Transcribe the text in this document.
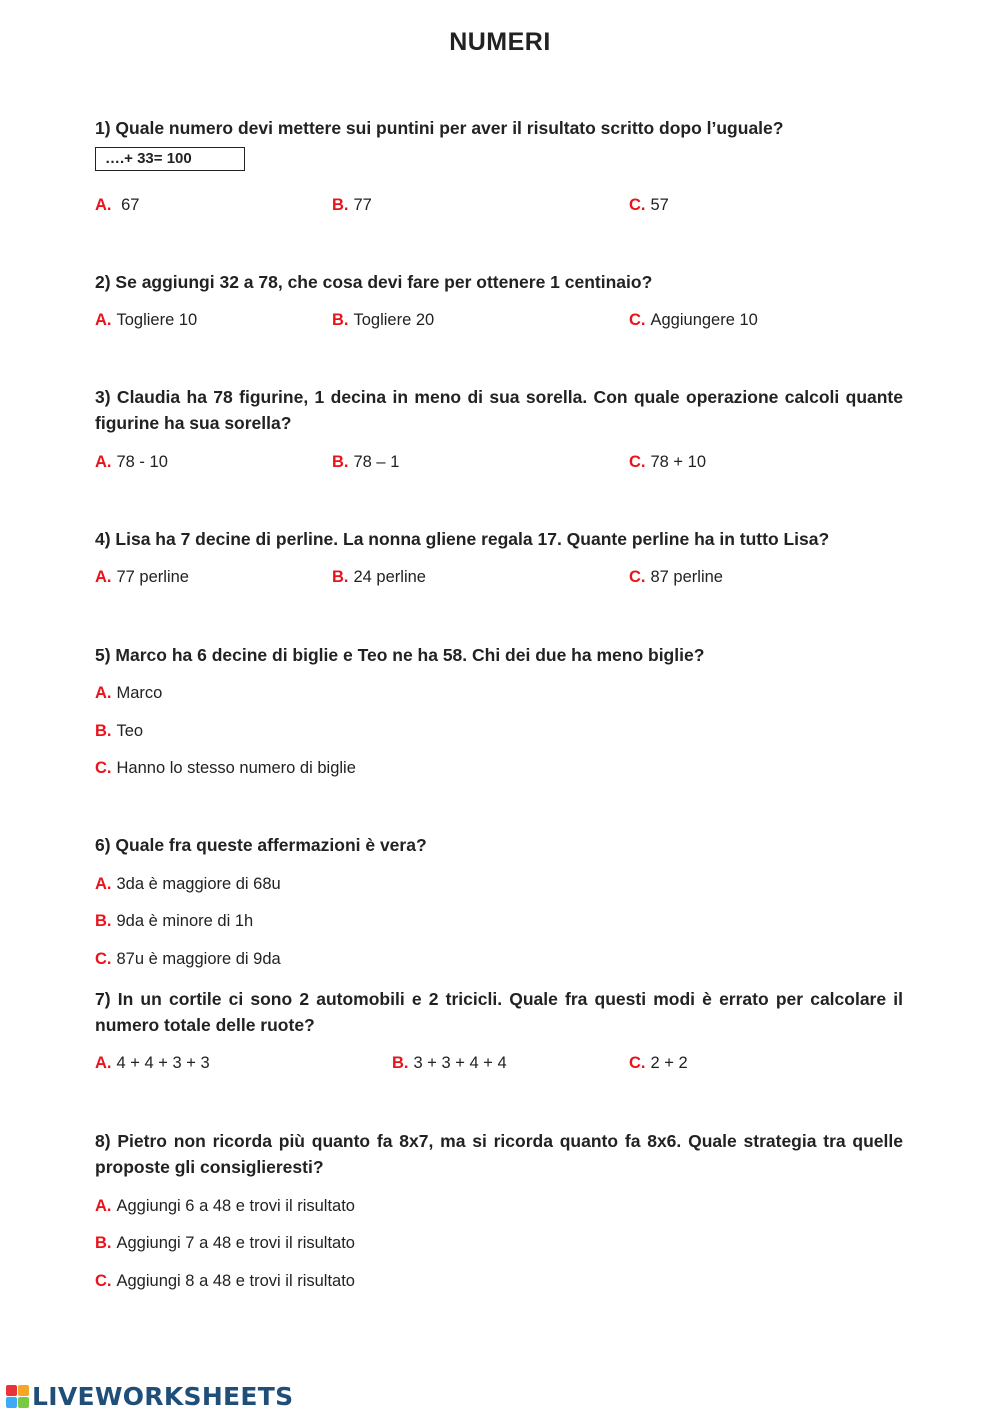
NUMERI
1) Quale numero devi mettere sui puntini per aver il risultato scritto dopo l’uguale?
….+ 33= 100
A. 67	B. 77	C. 57
2) Se aggiungi 32 a 78, che cosa devi fare per ottenere 1 centinaio?
A. Togliere 10	B. Togliere 20	C. Aggiungere 10
3) Claudia ha 78 figurine, 1 decina in meno di sua sorella. Con quale operazione calcoli quante figurine ha sua sorella?
A. 78 - 10	B. 78 – 1	C. 78 + 10
4) Lisa ha 7 decine di perline. La nonna gliene regala 17. Quante perline ha in tutto Lisa?
A. 77 perline	B. 24 perline	C. 87 perline
5) Marco ha 6 decine di biglie e Teo ne ha 58. Chi dei due ha meno biglie?
A. Marco
B. Teo
C. Hanno lo stesso numero di biglie
6) Quale fra queste affermazioni è vera?
A. 3da è maggiore di 68u
B. 9da è minore di 1h
C. 87u è maggiore di 9da
7) In un cortile ci sono 2 automobili e 2 tricicli. Quale fra questi modi è errato per calcolare il numero totale delle ruote?
A. 4 + 4 + 3 + 3	B. 3 + 3 + 4 + 4	C. 2 + 2
8) Pietro non ricorda più quanto fa 8x7, ma si ricorda quanto fa 8x6. Quale strategia tra quelle proposte gli consiglieresti?
A. Aggiungi 6 a 48 e trovi il risultato
B. Aggiungi 7 a 48 e trovi il risultato
C. Aggiungi 8 a 48 e trovi il risultato
LIVEWORKSHEETS
